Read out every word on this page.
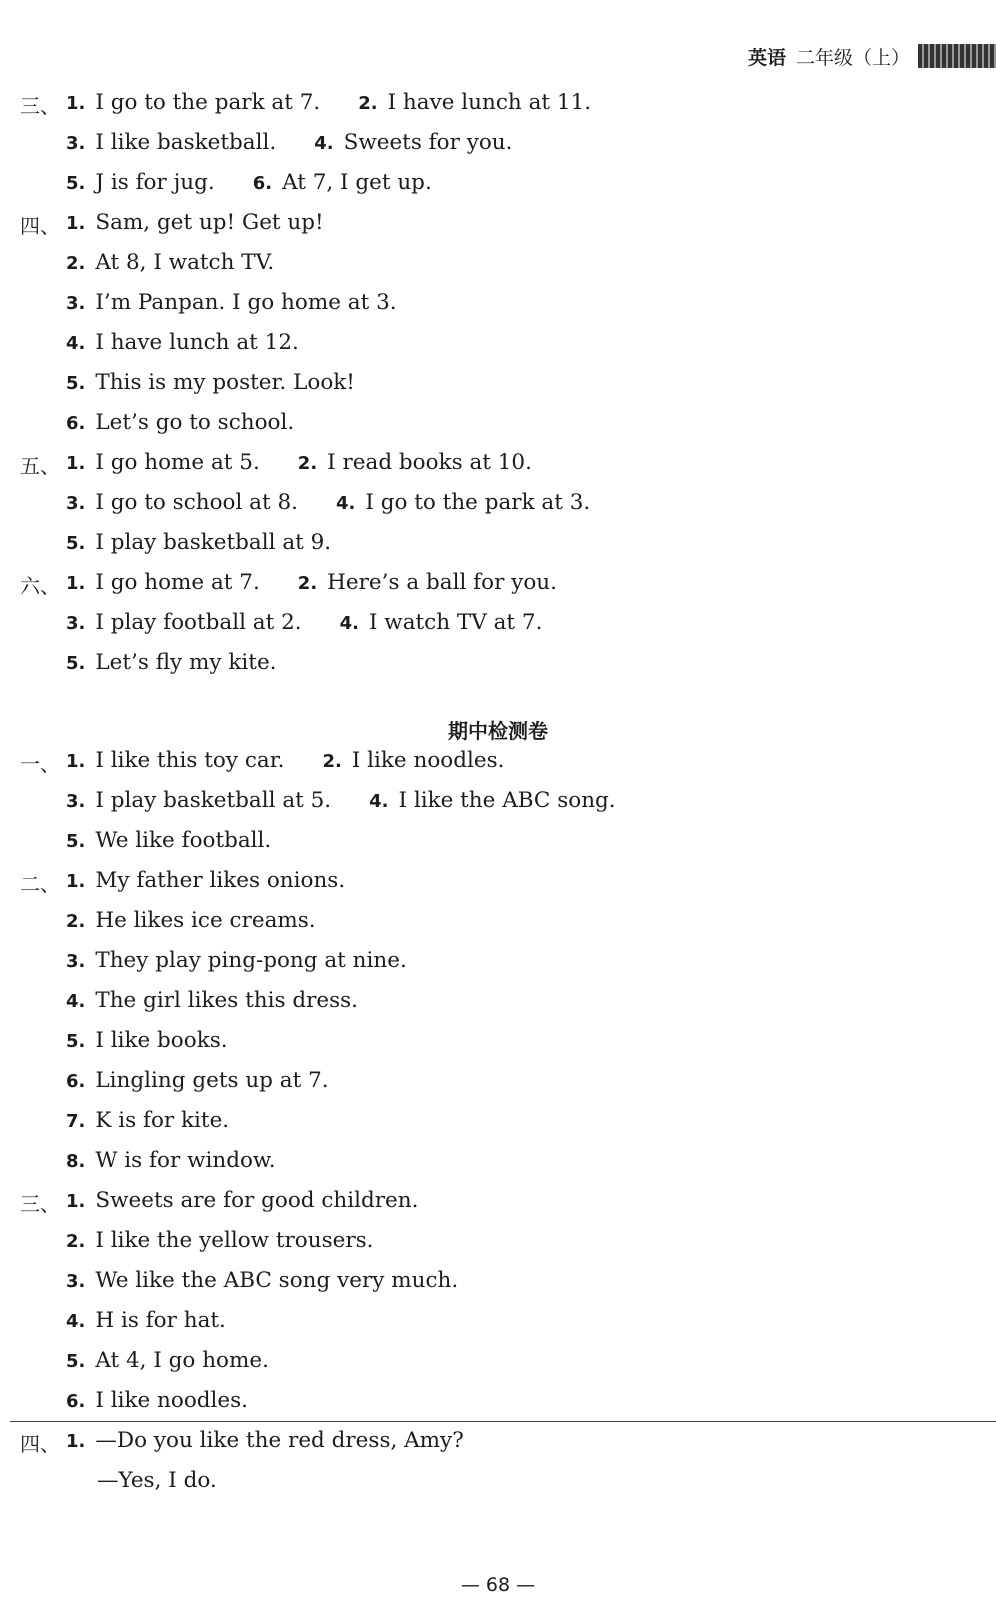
英语 二年级（上）
1. I go to the park at 7. 2. I have lunch at 11.
3. I like basketball. 4. Sweets for you.
5. J is for jug. 6. At 7, I get up.
三、
1. Sam, get up! Get up!
2. At 8, I watch TV.
3. I’m Panpan. I go home at 3.
4. I have lunch at 12.
5. This is my poster. Look!
6. Let’s go to school.
四、
1. I go home at 5. 2. I read books at 10.
3. I go to school at 8. 4. I go to the park at 3.
5. I play basketball at 9.
五、
1. I go home at 7. 2. Here’s a ball for you.
3. I play football at 2. 4. I watch TV at 7.
5. Let’s fly my kite.
六、
1. I like this toy car. 2. I like noodles.
3. I play basketball at 5. 4. I like the ABC song.
5. We like football.
一、
1. My father likes onions.
2. He likes ice creams.
3. They play ping-pong at nine.
4. The girl likes this dress.
5. I like books.
6. Lingling gets up at 7.
7. K is for kite.
8. W is for window.
二、
1. Sweets are for good children.
2. I like the yellow trousers.
3. We like the ABC song very much.
4. H is for hat.
5. At 4, I go home.
6. I like noodles.
三、
1. —Do you like the red dress, Amy?
—Yes, I do.
四、
期中检测卷
— 68 —
